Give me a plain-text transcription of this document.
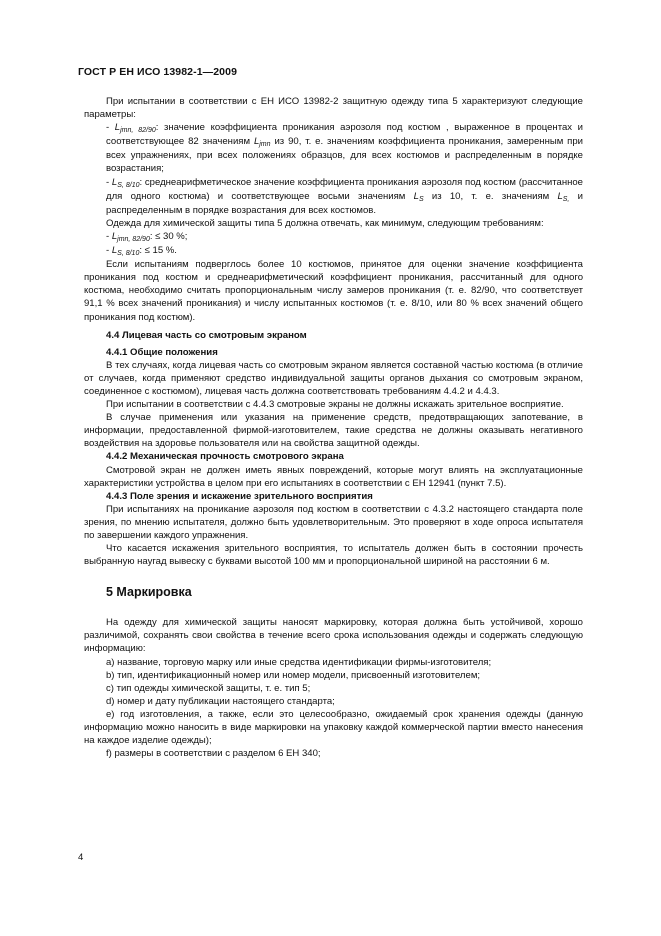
ГОСТ Р ЕН ИСО 13982-1—2009

При испытании в соответствии с ЕН ИСО 13982-2 защитную одежду типа 5 характеризуют следующие параметры:

- $L_{jmn, 82/90}$: значение коэффициента проникания аэрозоля под костюм , выраженное в процентах и соответствующее 82 значениям $L_{jmn}$ из 90, т. е. значениям коэффициента проникания, замеренным при всех упражнениях, при всех положениях образцов, для всех костюмов и распределенным в порядке возрастания;

- $L_{S, 8/10}$: среднеарифметическое значение коэффициента проникания аэрозоля под костюм (рассчитанное для одного костюма) и соответствующее восьми значениям $L_S$ из 10, т. е. значениям $L_{S,}$ и распределенным в порядке возрастания для всех костюмов.

Одежда для химической защиты типа 5 должна отвечать, как минимум, следующим требованиям:

- $L_{jmn, 82/90}$: ≤ 30 %;

- $L_{S, 8/10}$: ≤ 15 %.

Если испытаниям подверглось более 10 костюмов, принятое для оценки значение коэффициента проникания под костюм и среднеарифметический коэффициент проникания, рассчитанный для одного костюма, необходимо считать пропорциональным числу замеров проникания (т. е. 82/90, что соответствует 91,1 % всех значений проникания) и числу испытанных костюмов (т. е. 8/10, или 80 % всех значений общего проникания под костюм).

4.4 Лицевая часть со смотровым экраном
4.4.1 Общие положения

В тех случаях, когда лицевая часть со смотровым экраном является составной частью костюма (в отличие от случаев, когда применяют средство индивидуальной защиты органов дыхания со смотровым экраном, соединенное с костюмом), лицевая часть должна соответствовать требованиям 4.4.2 и 4.4.3.

При испытании в соответствии с 4.4.3 смотровые экраны не должны искажать зрительное восприятие.

В случае применения или указания на применение средств, предотвращающих запотевание, в информации, предоставленной фирмой-изготовителем, такие средства не должны оказывать негативного воздействия на здоровье пользователя или на свойства защитной одежды.

4.4.2 Механическая прочность смотрового экрана

Смотровой экран не должен иметь явных повреждений, которые могут влиять на эксплуатационные характеристики устройства в целом при его испытаниях в соответствии с ЕН 12941 (пункт 7.5).

4.4.3 Поле зрения и искажение зрительного восприятия

При испытаниях на проникание аэрозоля под костюм в соответствии с 4.3.2 настоящего стандарта поле зрения, по мнению испытателя, должно быть удовлетворительным. Это проверяют в ходе опроса испытателя по завершении каждого упражнения.

Что касается искажения зрительного восприятия, то испытатель должен быть в состоянии прочесть выбранную наугад вывеску с буквами высотой 100 мм и пропорциональной шириной на расстоянии 6 м.

5 Маркировка

На одежду для химической защиты наносят маркировку, которая должна быть устойчивой, хорошо различимой, сохранять свои свойства в течение всего срока использования одежды и содержать следующую информацию:

a) название, торговую марку или иные средства идентификации фирмы-изготовителя;

b) тип, идентификационный номер или номер модели, присвоенный изготовителем;

c) тип одежды химической защиты, т. е. тип 5;

d) номер и дату публикации настоящего стандарта;

e) год изготовления, а также, если это целесообразно, ожидаемый срок хранения одежды (данную информацию можно наносить в виде маркировки на упаковку каждой коммерческой партии вместо нанесения на каждое изделие одежды);

f) размеры в соответствии с разделом 6 ЕН 340;

4
